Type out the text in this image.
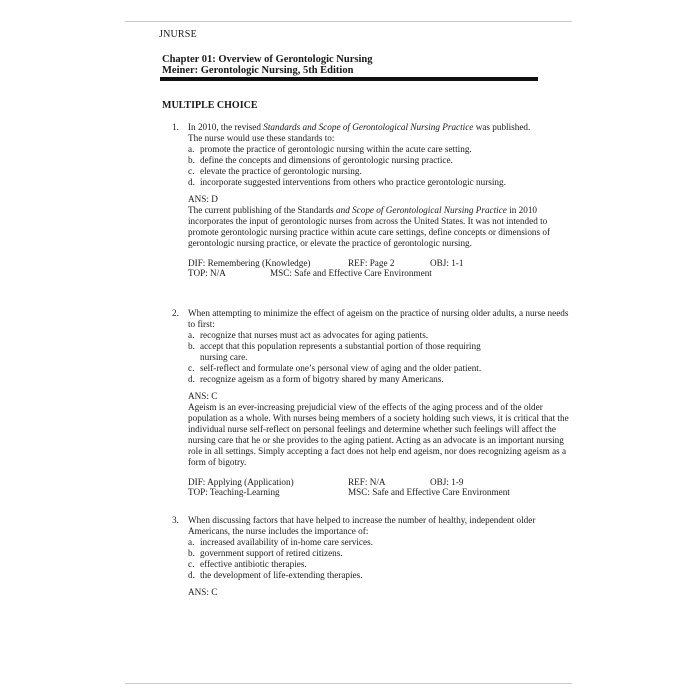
JNURSE
Chapter 01: Overview of Gerontologic Nursing
Meiner: Gerontologic Nursing, 5th Edition
MULTIPLE CHOICE
1. In 2010, the revised Standards and Scope of Gerontological Nursing Practice was published.
The nurse would use these standards to:
a. promote the practice of gerontologic nursing within the acute care setting.
b. define the concepts and dimensions of gerontologic nursing practice.
c. elevate the practice of gerontologic nursing.
d. incorporate suggested interventions from others who practice gerontologic nursing.
ANS: D
The current publishing of the Standards and Scope of Gerontological Nursing Practice in 2010 incorporates the input of gerontologic nurses from across the United States. It was not intended to promote gerontologic nursing practice within acute care settings, define concepts or dimensions of gerontologic nursing practice, or elevate the practice of gerontologic nursing.
DIF: Remembering (Knowledge)	REF: Page 2	OBJ: 1-1
TOP: N/A	MSC: Safe and Effective Care Environment
2. When attempting to minimize the effect of ageism on the practice of nursing older adults, a nurse needs to first:
a. recognize that nurses must act as advocates for aging patients.
b. accept that this population represents a substantial portion of those requiring nursing care.
c. self-reflect and formulate one’s personal view of aging and the older patient.
d. recognize ageism as a form of bigotry shared by many Americans.
ANS: C
Ageism is an ever-increasing prejudicial view of the effects of the aging process and of the older population as a whole. With nurses being members of a society holding such views, it is critical that the individual nurse self-reflect on personal feelings and determine whether such feelings will affect the nursing care that he or she provides to the aging patient. Acting as an advocate is an important nursing role in all settings. Simply accepting a fact does not help end ageism, nor does recognizing ageism as a form of bigotry.
DIF: Applying (Application)	REF: N/A	OBJ: 1-9
TOP: Teaching-Learning	MSC: Safe and Effective Care Environment
3. When discussing factors that have helped to increase the number of healthy, independent older Americans, the nurse includes the importance of:
a. increased availability of in-home care services.
b. government support of retired citizens.
c. effective antibiotic therapies.
d. the development of life-extending therapies.
ANS: C
